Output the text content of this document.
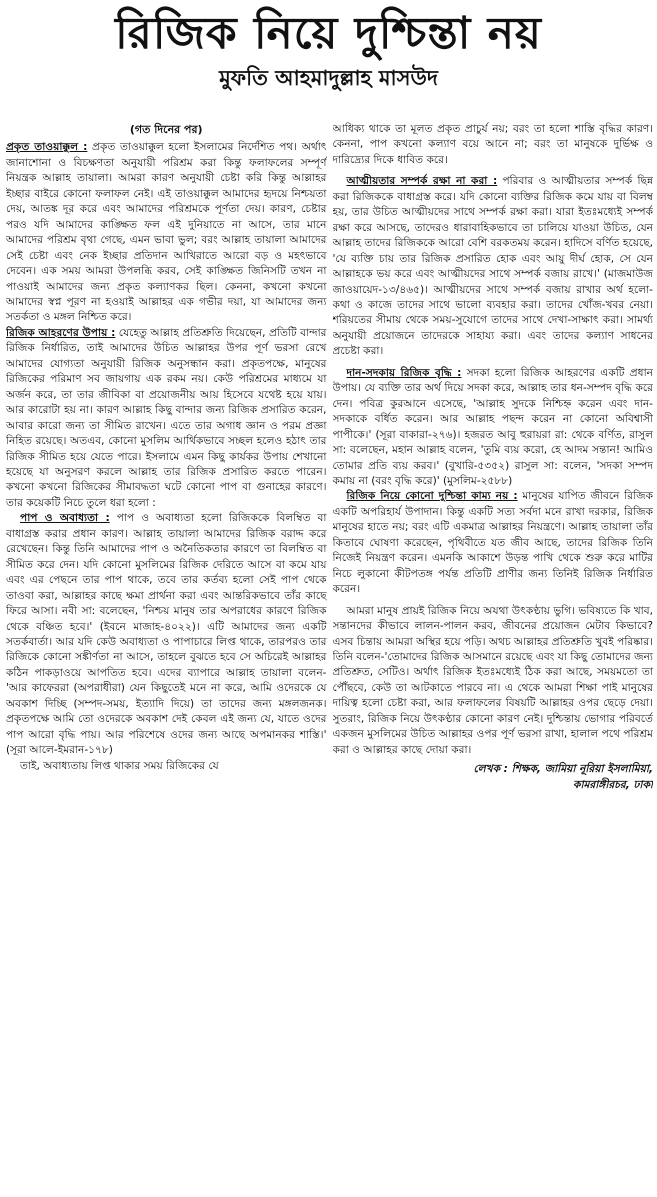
রিজিক নিয়ে দুশ্চিন্তা নয়
মুফতি আহমাদুল্লাহ মাসউদ
(গত দিনের পর)

প্রকৃত তাওয়াক্কুল : প্রকৃত তাওয়াক্কুল হলো ইসলামের নির্দেশিত পথ। অর্থাৎ জানাশোনা ও বিচক্ষণতা অনুযায়ী পরিশ্রম করা কিন্তু ফলাফলের সম্পূর্ণ নিয়ন্ত্রক আল্লাহ তায়ালা। আমরা কারণ অনুযায়ী চেষ্টা করি কিন্তু আল্লাহর ইচ্ছার বাইরে কোনো ফলাফল নেই। এই তাওয়াক্কুল আমাদের হৃদয়ে নিশ্চয়তা দেয়, আতঙ্ক দূর করে এবং আমাদের পরিশ্রমকে পূর্ণতা দেয়। কারণ, চেষ্টার পরও যদি আমাদের কাঙ্ক্ষিত ফল এই দুনিয়াতে না আসে, তার মানে আমাদের পরিশ্রম বৃথা গেছে, এমন ভাবা ভুল; বরং আল্লাহ তায়ালা আমাদের সেই চেষ্টা এবং নেক ইচ্ছার প্রতিদান আখিরাতে আরো বড় ও মহৎভাবে দেবেন। এক সময় আমরা উপলব্ধি করব, সেই কাঙ্ক্ষিত জিনিসটি তখন না পাওয়াই আমাদের জন্য প্রকৃত কল্যাণকর ছিল। কেননা, কখনো কখনো আমাদের স্বপ্ন পূরণ না হওয়াই আল্লাহর এক গভীর দয়া, যা আমাদের জন্য সতর্কতা ও মঙ্গল নিশ্চিত করে।

রিজিক আহরণের উপায় : যেহেতু আল্লাহ প্রতিশ্রুতি দিয়েছেন, প্রতিটি বান্দার রিজিক নির্ধারিত, তাই আমাদের উচিত আল্লাহর উপর পূর্ণ ভরসা রেখে আমাদের যোগ্যতা অনুযায়ী রিজিক অনুসন্ধান করা। প্রকৃতপক্ষে, মানুষের রিজিকের পরিমাণ সব জায়গায় এক রকম নয়। কেউ পরিশ্রমের মাধ্যমে যা অর্জন করে, তা তার জীবিকা বা প্রয়োজনীয় আয় হিসেবে যথেষ্ট হয়ে যায়। আর কারোটা হয় না। কারণ আল্লাহ কিছু বান্দার জন্য রিজিক প্রসারিত করেন, আবার কারো জন্য তা সীমিত রাখেন। এতে তার অগাধ জ্ঞান ও পরম প্রজ্ঞা নিহিত রয়েছে। অতএব, কোনো মুসলিম আর্থিকভাবে সচ্ছল হলেও হঠাৎ তার রিজিক সীমিত হয়ে যেতে পারে। ইসলামে এমন কিছু কার্যকর উপায় শেখানো হয়েছে যা অনুসরণ করলে আল্লাহ তার রিজিক প্রসারিত করতে পারেন। কখনো কখনো রিজিকের সীমাবদ্ধতা ঘটে কোনো পাপ বা গুনাহের কারণে। তার কয়েকটি নিচে তুলে ধরা হলো :

পাপ ও অবাধ্যতা : পাপ ও অবাধ্যতা হলো রিজিককে বিলম্বিত বা বাধাগ্রস্ত করার প্রধান কারণ। আল্লাহ তায়ালা আমাদের রিজিক বরাদ্দ করে রেখেছেন। কিন্তু তিনি আমাদের পাপ ও অনৈতিকতার কারণে তা বিলম্বিত বা সীমিত করে দেন। যদি কোনো মুসলিমের রিজিক দেরিতে আসে বা কমে যায় এবং এর পেছনে তার পাপ থাকে, তবে তার কর্তব্য হলো সেই পাপ থেকে তাওবা করা, আল্লাহর কাছে ক্ষমা প্রার্থনা করা এবং আন্তরিকভাবে তাঁর কাছে ফিরে আসা। নবী সা: বলেছেন, 'নিশ্চয় মানুষ তার অপরাধের কারণে রিজিক থেকে বঞ্চিত হবে।' (ইবনে মাজাহ-৪০২২)। এটি আমাদের জন্য একটি সতর্কবার্তা। আর যদি কেউ অবাধ্যতা ও পাপাচারে লিপ্ত থাকে, তারপরও তার রিজিকে কোনো সঙ্কীর্ণতা না আসে, তাহলে বুঝতে হবে সে অচিরেই আল্লাহর কঠিন পাকড়াওয়ে আপতিত হবে। এদের ব্যাপারে আল্লাহ তায়ালা বলেন- 'আর কাফেররা (অপরাধীরা) যেন কিছুতেই মনে না করে, আমি ওদেরকে যে অবকাশ দিচ্ছি (সম্পদ-সময়, ইত্যাদি দিয়ে) তা তাদের জন্য মঙ্গলজনক। প্রকৃতপক্ষে আমি তো ওদেরকে অবকাশ দেই কেবল এই জন্য যে, যাতে ওদের পাপ আরো বৃদ্ধি পায়। আর পরিশেষে ওদের জন্য আছে অপমানকর শাস্তি।' (সূরা আলে-ইমরান-১৭৮)

তাই, অবাধ্যতায় লিপ্ত থাকার সময় রিজিকের যে

আধিক্য থাকে তা মূলত প্রকৃত প্রাচুর্য নয়; বরং তা হলো শাস্তি বৃদ্ধির কারণ। কেননা, পাপ কখনো কল্যাণ বয়ে আনে না; বরং তা মানুষকে দুর্ভিক্ষ ও দারিদ্র্যের দিকে ধাবিত করে।

আত্মীয়তার সম্পর্ক রক্ষা না করা : পরিবার ও আত্মীয়তার সম্পর্ক ছিন্ন করা রিজিককে বাধাগ্রস্ত করে। যদি কোনো ব্যক্তির রিজিক কমে যায় বা বিলম্ব হয়, তার উচিত আত্মীয়দের সাথে সম্পর্ক রক্ষা করা। যারা ইতঃমধ্যেই সম্পর্ক রক্ষা করে আসছে, তাদেরও ধারাবাহিকভাবে তা চালিয়ে যাওয়া উচিত, যেন আল্লাহ তাদের রিজিককে আরো বেশি বরকতময় করেন। হাদিসে বর্ণিত হয়েছে, 'যে ব্যক্তি চায় তার রিজিক প্রসারিত হোক এবং আয়ু দীর্ঘ হোক, সে যেন আল্লাহকে ভয় করে এবং আত্মীয়দের সাথে সম্পর্ক বজায় রাখে।' (মাজমাউজ জাওয়ায়েদ-১৩/৪৬৫)। আত্মীয়দের সাথে সম্পর্ক বজায় রাখার অর্থ হলো- কথা ও কাজে তাদের সাথে ভালো ব্যবহার করা। তাদের খোঁজ-খবর নেয়া। শরিয়তের সীমায় থেকে সময়-সুযোগে তাদের সাথে দেখা-সাক্ষাৎ করা। সামর্থ্য অনুযায়ী প্রয়োজনে তাদেরকে সাহায্য করা। এবং তাদের কল্যাণ সাধনের প্রচেষ্টা করা।

দান-সদকায় রিজিক বৃদ্ধি : সদকা হলো রিজিক আহরণের একটি প্রধান উপায়। যে ব্যক্তি তার অর্থ দিয়ে সদকা করে, আল্লাহ তার ধন-সম্পদ বৃদ্ধি করে দেন। পবিত্র কুরআনে এসেছে, 'আল্লাহ সুদকে নিশ্চিহ্ন করেন এবং দান-সদকাকে বর্ধিত করেন। আর আল্লাহ পছন্দ করেন না কোনো অবিশ্বাসী পাপীকে।' (সূরা বাকারা-২৭৬)। হজরত আবু হুরায়রা রা: থেকে বর্ণিত, রাসুল সা: বলেছেন, মহান আল্লাহ বলেন, 'তুমি ব্যয় করো, হে আদম সন্তান! আমিও তোমার প্রতি ব্যয় করব।' (বুখারি-৫৩৫২) রাসুল সা: বলেন, 'সদকা সম্পদ কমায় না (বরং বৃদ্ধি করে)' (মুসলিম-২৫৮৮)

রিজিক নিয়ে কোনো দুশ্চিন্তা কাম্য নয় : মানুষের যাপিত জীবনে রিজিক একটি অপরিহার্য উপাদান। কিন্তু একটি সত্য সর্বদা মনে রাখা দরকার, রিজিক মানুষের হাতে নয়; বরং এটি একমাত্র আল্লাহর নিয়ন্ত্রণে। আল্লাহ তায়ালা তাঁর কিতাবে ঘোষণা করেছেন, পৃথিবীতে যত জীব আছে, তাদের রিজিক তিনি নিজেই নিয়ন্ত্রণ করেন। এমনকি আকাশে উড়ন্ত পাখি থেকে শুরু করে মাটির নিচে লুকানো কীটপতঙ্গ পর্যন্ত প্রতিটি প্রাণীর জন্য তিনিই রিজিক নির্ধারিত করেন।

আমরা মানুষ প্রায়ই রিজিক নিয়ে অযথা উৎকণ্ঠায় ভুগি। ভবিষ্যতে কি খাব, সন্তানদের কীভাবে লালন-পালন করব, জীবনের প্রয়োজন মেটাব কিভাবে? এসব চিন্তায় আমরা অস্থির হয়ে পড়ি। অথচ আল্লাহর প্রতিশ্রুতি খুবই পরিষ্কার। তিনি বলেন-'তোমাদের রিজিক আসমানে রয়েছে এবং যা কিছু তোমাদের জন্য প্রতিশ্রুত, সেটিও। অর্থাৎ রিজিক ইতঃমধ্যেই ঠিক করা আছে, সময়মতো তা পৌঁছবে, কেউ তা আটকাতে পারবে না। এ থেকে আমরা শিক্ষা পাই মানুষের দায়িত্ব হলো চেষ্টা করা, আর ফলাফলের বিষয়টি আল্লাহর ওপর ছেড়ে দেয়া। সুতরাং, রিজিক নিয়ে উৎকণ্ঠার কোনো কারণ নেই। দুশ্চিন্তায় ভোগার পরিবর্তে একজন মুসলিমের উচিত আল্লাহর ওপর পূর্ণ ভরসা রাখা, হালাল পথে পরিশ্রম করা ও আল্লাহর কাছে দোয়া করা।

লেখক : শিক্ষক, জামিয়া নূরিয়া ইসলামিয়া,
কামরাঙ্গীরচর, ঢাকা
